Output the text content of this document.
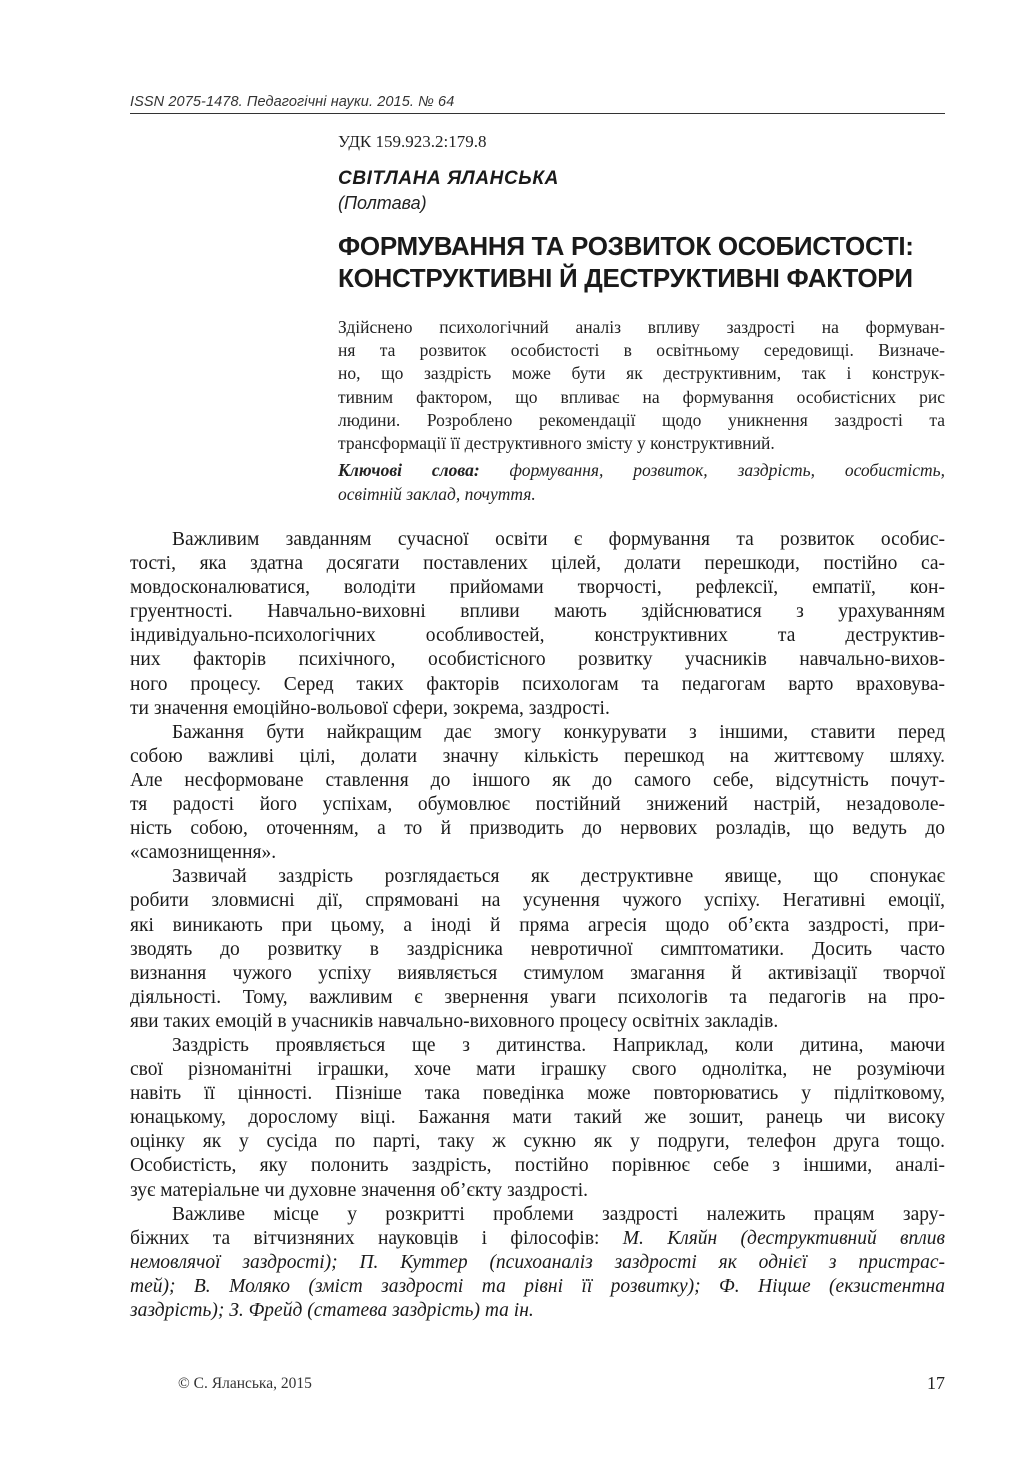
ISSN 2075-1478. Педагогічні науки. 2015. № 64
УДК 159.923.2:179.8
СВІТЛАНА ЯЛАНСЬКА
(Полтава)
ФОРМУВАННЯ ТА РОЗВИТОК ОСОБИСТОСТІ:
КОНСТРУКТИВНІ Й ДЕСТРУКТИВНІ ФАКТОРИ
Здійснено психологічний аналіз впливу заздрості на формуван-
ня та розвиток особистості в освітньому середовищі. Визначе-
но, що заздрість може бути як деструктивним, так і конструк-
тивним фактором, що впливає на формування особистісних рис
людини. Розроблено рекомендації щодо уникнення заздрості та
трансформації її деструктивного змісту у конструктивний.
Ключові слова: формування, розвиток, заздрість, особистість,
освітній заклад, почуття.
Важливим завданням сучасної освіти є формування та розвиток особис-
тості, яка здатна досягати поставлених цілей, долати перешкоди, постійно са-
мовдосконалюватися, володіти прийомами творчості, рефлексії, емпатії, кон-
груентності. Навчально-виховні впливи мають здійснюватися з урахуванням
індивідуально-психологічних особливостей, конструктивних та деструктив-
них факторів психічного, особистісного розвитку учасників навчально-вихов-
ного процесу. Серед таких факторів психологам та педагогам варто враховува-
ти значення емоційно-вольової сфери, зокрема, заздрості.
Бажання бути найкращим дає змогу конкурувати з іншими, ставити перед
собою важливі цілі, долати значну кількість перешкод на життєвому шляху.
Але несформоване ставлення до іншого як до самого себе, відсутність почут-
тя радості його успіхам, обумовлює постійний знижений настрій, незадоволе-
ність собою, оточенням, а то й призводить до нервових розладів, що ведуть до
«самознищення».
Зазвичай заздрість розглядається як деструктивне явище, що спонукає
робити зловмисні дії, спрямовані на усунення чужого успіху. Негативні емоції,
які виникають при цьому, а іноді й пряма агресія щодо об’єкта заздрості, при-
зводять до розвитку в заздрісника невротичної симптоматики. Досить часто
визнання чужого успіху виявляється стимулом змагання й активізації творчої
діяльності. Тому, важливим є звернення уваги психологів та педагогів на про-
яви таких емоцій в учасників навчально-виховного процесу освітніх закладів.
Заздрість проявляється ще з дитинства. Наприклад, коли дитина, маючи
свої різноманітні іграшки, хоче мати іграшку свого однолітка, не розуміючи
навіть її цінності. Пізніше така поведінка може повторюватись у підлітковому,
юнацькому, дорослому віці. Бажання мати такий же зошит, ранець чи високу
оцінку як у сусіда по парті, таку ж сукню як у подруги, телефон друга тощо.
Особистість, яку полонить заздрість, постійно порівнює себе з іншими, аналі-
зує матеріальне чи духовне значення об’єкту заздрості.
Важливе місце у розкритті проблеми заздрості належить працям зару-
біжних та вітчизняних науковців і філософів: М. Кляйн (деструктивний вплив
немовлячої заздрості); П. Куттер (психоаналіз заздрості як однієї з пристрас-
тей); В. Моляко (зміст заздрості та рівні її розвитку); Ф. Ніцше (екзистентна
заздрість); З. Фрейд (статева заздрість) та ін.
© С. Яланська, 2015	17
